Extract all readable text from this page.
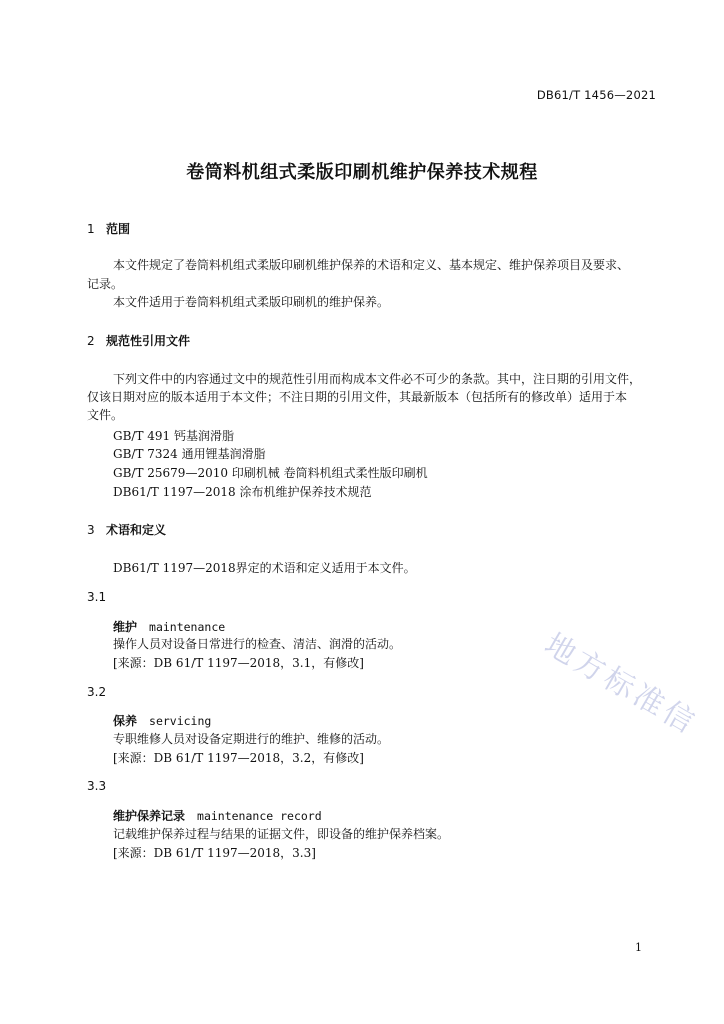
DB61/T 1456—2021
卷筒料机组式柔版印刷机维护保养技术规程
1 范围
本文件规定了卷筒料机组式柔版印刷机维护保养的术语和定义、基本规定、维护保养项目及要求、
记录。
本文件适用于卷筒料机组式柔版印刷机的维护保养。
2 规范性引用文件
下列文件中的内容通过文中的规范性引用而构成本文件必不可少的条款。其中，注日期的引用文件，
仅该日期对应的版本适用于本文件；不注日期的引用文件，其最新版本（包括所有的修改单）适用于本
文件。
GB/T 491 钙基润滑脂
GB/T 7324 通用锂基润滑脂
GB/T 25679—2010 印刷机械 卷筒料机组式柔性版印刷机
DB61/T 1197—2018 涂布机维护保养技术规范
3 术语和定义
DB61/T 1197—2018界定的术语和定义适用于本文件。
3.1
维护 maintenance
操作人员对设备日常进行的检查、清洁、润滑的活动。
[来源：DB 61/T 1197—2018，3.1，有修改]
3.2
保养 servicing
专职维修人员对设备定期进行的维护、维修的活动。
[来源：DB 61/T 1197—2018，3.2，有修改]
3.3
维护保养记录 maintenance record
记载维护保养过程与结果的证据文件，即设备的维护保养档案。
[来源：DB 61/T 1197—2018，3.3]
地方标准信
1
